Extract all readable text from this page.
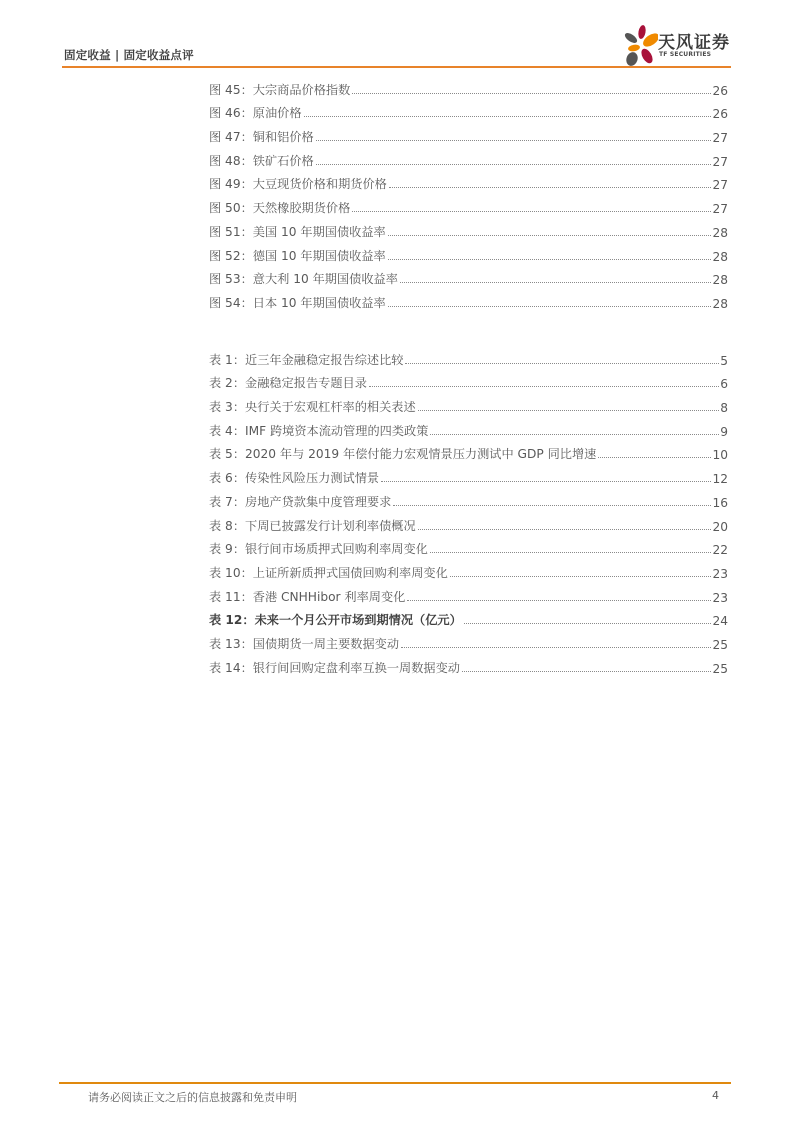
固定收益 | 固定收益点评
天风证券
TF SECURITIES
图 45：大宗商品价格指数	26
图 46：原油价格	26
图 47：铜和铝价格	27
图 48：铁矿石价格	27
图 49：大豆现货价格和期货价格	27
图 50：天然橡胶期货价格	27
图 51：美国 10 年期国债收益率	28
图 52：德国 10 年期国债收益率	28
图 53：意大利 10 年期国债收益率	28
图 54：日本 10 年期国债收益率	28
表 1：近三年金融稳定报告综述比较	5
表 2：金融稳定报告专题目录	6
表 3：央行关于宏观杠杆率的相关表述	8
表 4：IMF 跨境资本流动管理的四类政策	9
表 5：2020 年与 2019 年偿付能力宏观情景压力测试中 GDP 同比增速	10
表 6：传染性风险压力测试情景	12
表 7：房地产贷款集中度管理要求	16
表 8：下周已披露发行计划利率债概况	20
表 9：银行间市场质押式回购利率周变化	22
表 10：上证所新质押式国债回购利率周变化	23
表 11：香港 CNHHibor 利率周变化	23
表 12：未来一个月公开市场到期情况（亿元）	24
表 13：国债期货一周主要数据变动	25
表 14：银行间回购定盘利率互换一周数据变动	25
请务必阅读正文之后的信息披露和免责申明	4
